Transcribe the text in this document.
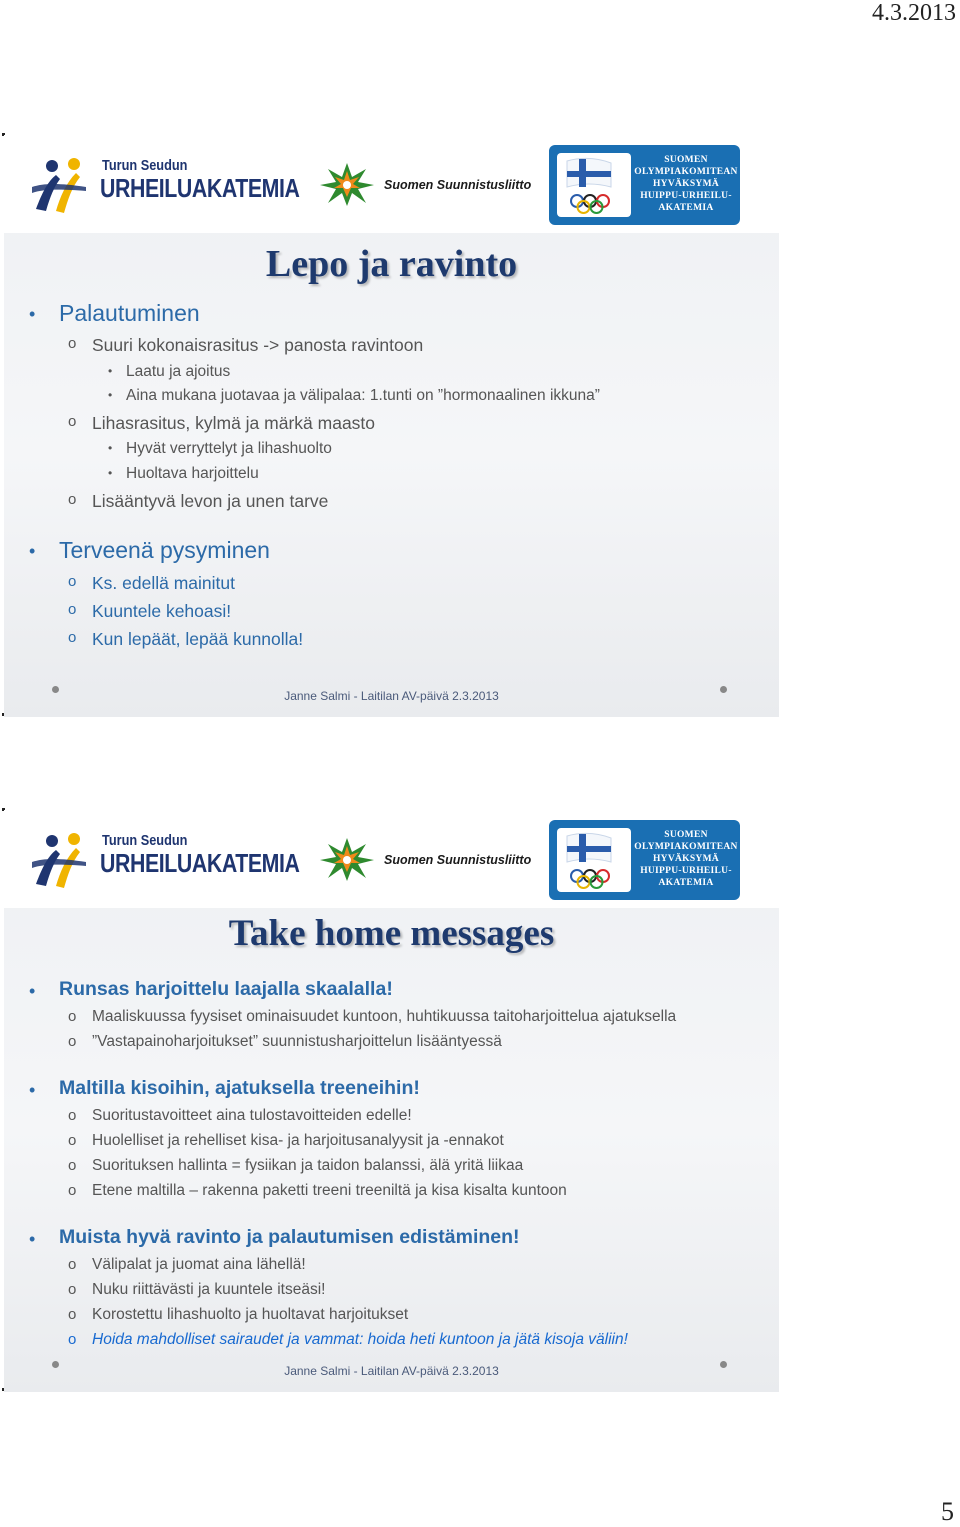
4.3.2013
Turun Seudun
URHEILUAKATEMIA	Suomen Suunnistusliitto
SUOMEN
OLYMPIAKOMITEAN
HYVÄKSYMÄ
HUIPPU-URHEILU-
AKATEMIA
Lepo ja ravinto
• Palautuminen
o Suuri kokonaisrasitus -> panosta ravintoon
• Laatu ja ajoitus
• Aina mukana juotavaa ja välipalaa: 1.tunti on ”hormonaalinen ikkuna”
o Lihasrasitus, kylmä ja märkä maasto
• Hyvät verryttelyt ja lihashuolto
• Huoltava harjoittelu
o Lisääntyvä levon ja unen tarve
• Terveenä pysyminen
o Ks. edellä mainitut
o Kuuntele kehoasi!
o Kun lepäät, lepää kunnolla!
Janne Salmi - Laitilan AV-päivä 2.3.2013
Turun Seudun
URHEILUAKATEMIA	Suomen Suunnistusliitto
SUOMEN
OLYMPIAKOMITEAN
HYVÄKSYMÄ
HUIPPU-URHEILU-
AKATEMIA
Take home messages
• Runsas harjoittelu laajalla skaalalla!
o Maaliskuussa fyysiset ominaisuudet kuntoon, huhtikuussa taitoharjoittelua ajatuksella
o ”Vastapainoharjoitukset” suunnistusharjoittelun lisääntyessä
• Maltilla kisoihin, ajatuksella treeneihin!
o Suoritustavoitteet aina tulostavoitteiden edelle!
o Huolelliset ja rehelliset kisa- ja harjoitusanalyysit ja -ennakot
o Suorituksen hallinta = fysiikan ja taidon balanssi, älä yritä liikaa
o Etene maltilla – rakenna paketti treeni treeniltä ja kisa kisalta kuntoon
• Muista hyvä ravinto ja palautumisen edistäminen!
o Välipalat ja juomat aina lähellä!
o Nuku riittävästi ja kuuntele itseäsi!
o Korostettu lihashuolto ja huoltavat harjoitukset
o Hoida mahdolliset sairaudet ja vammat: hoida heti kuntoon ja jätä kisoja väliin!
Janne Salmi - Laitilan AV-päivä 2.3.2013
5
